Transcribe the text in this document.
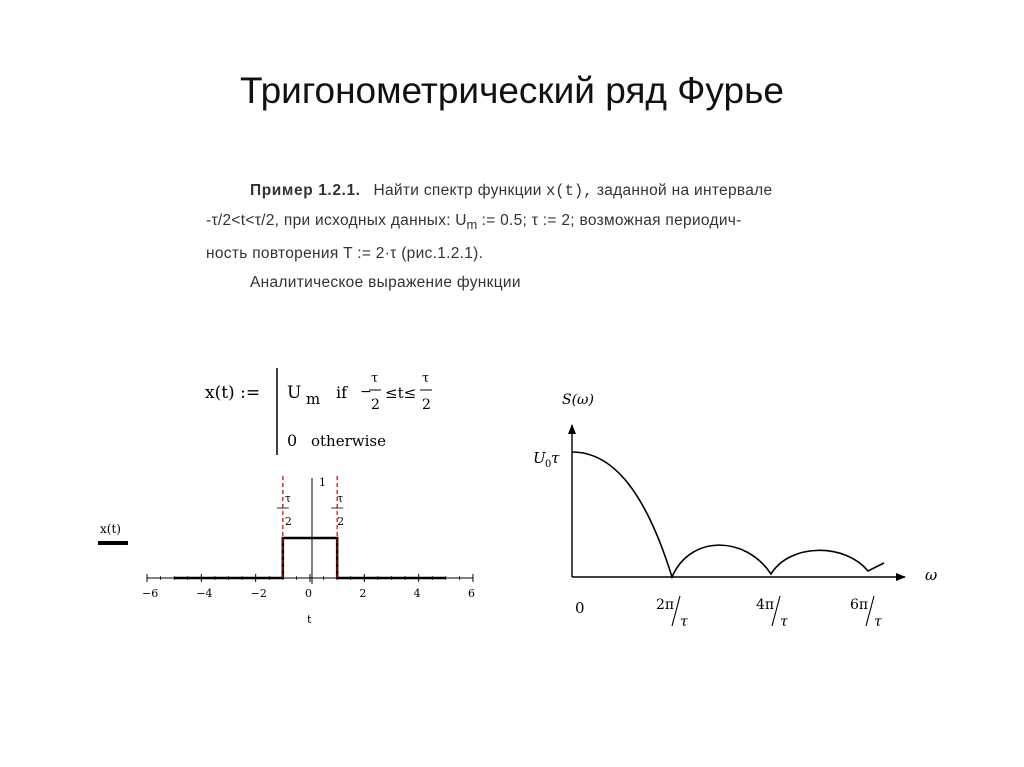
Тригонометрический ряд Фурье
Пример 1.2.1. Найти спектр функции x(t), заданной на интервале
-τ/2<t<τ/2, при исходных данных: $U_m$ := 0.5; τ := 2; возможная периодич-
ность повторения T := 2·τ (рис.1.2.1).
Аналитическое выражение функции
x(t) := U m if −
τ
2
≤t≤
τ
2
0 otherwise
x(t)
1
−6	−4	−2	0	2	4	6
τ
2
τ
2
t
S(ω)
U 0 τ
ω
0	2π
τ
4π
τ
6π
τ
